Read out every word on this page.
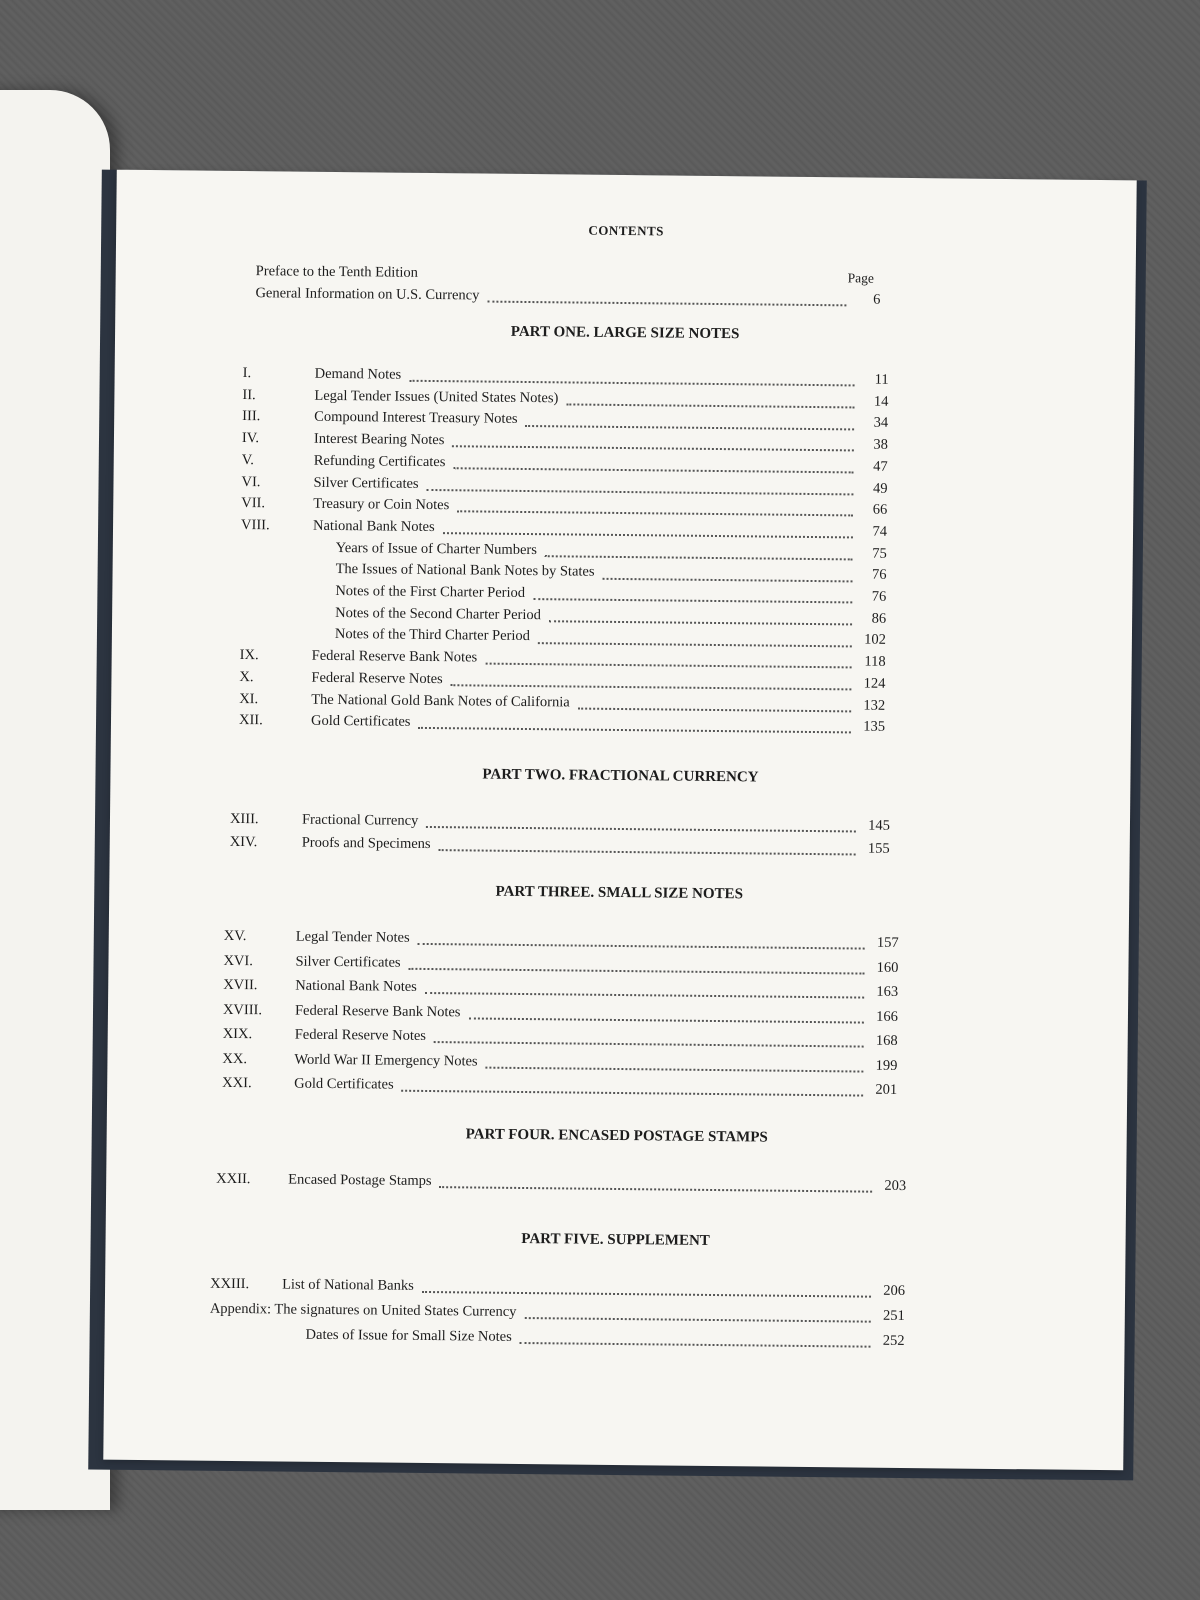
CONTENTS
Page
Preface to the Tenth Edition
General Information on U.S. Currency	6
PART ONE. LARGE SIZE NOTES
I.	Demand Notes	11
II.	Legal Tender Issues (United States Notes)	14
III.	Compound Interest Treasury Notes	34
IV.	Interest Bearing Notes	38
V.	Refunding Certificates	47
VI.	Silver Certificates	49
VII.	Treasury or Coin Notes	66
VIII.	National Bank Notes	74
Years of Issue of Charter Numbers	75
The Issues of National Bank Notes by States	76
Notes of the First Charter Period	76
Notes of the Second Charter Period	86
Notes of the Third Charter Period	102
IX.	Federal Reserve Bank Notes	118
X.	Federal Reserve Notes	124
XI.	The National Gold Bank Notes of California	132
XII.	Gold Certificates	135
PART TWO. FRACTIONAL CURRENCY
XIII.	Fractional Currency	145
XIV.	Proofs and Specimens	155
PART THREE. SMALL SIZE NOTES
XV.	Legal Tender Notes	157
XVI.	Silver Certificates	160
XVII.	National Bank Notes	163
XVIII.	Federal Reserve Bank Notes	166
XIX.	Federal Reserve Notes	168
XX.	World War II Emergency Notes	199
XXI.	Gold Certificates	201
PART FOUR. ENCASED POSTAGE STAMPS
XXII.	Encased Postage Stamps	203
PART FIVE. SUPPLEMENT
XXIII.	List of National Banks	206
Appendix: The signatures on United States Currency	251
Dates of Issue for Small Size Notes	252
